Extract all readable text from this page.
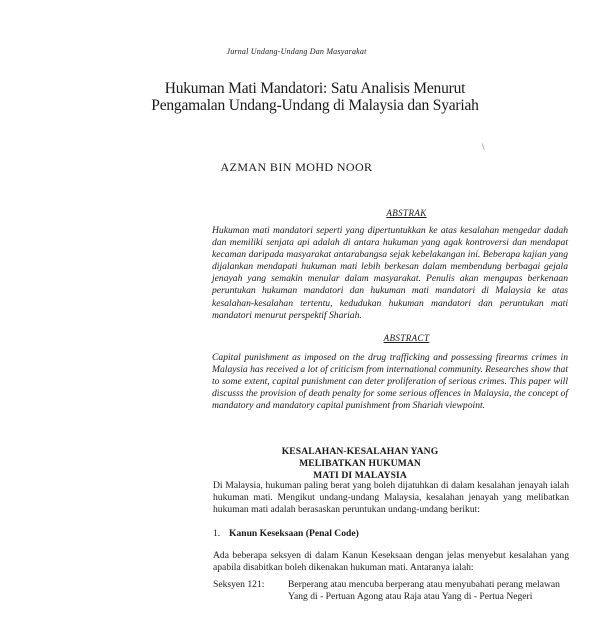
Jurnal Undang-Undang Dan Masyarakat
Hukuman Mati Mandatori: Satu Analisis Menurut
Pengamalan Undang-Undang di Malaysia dan Syariah
\
AZMAN BIN MOHD NOOR
ABSTRAK
Hukuman mati mandatori seperti yang dipertuntukkan ke atas kesalahan mengedar dadah dan memiliki senjata api adalah di antara hukuman yang agak kontroversi dan mendapat kecaman daripada masyarakat antarabangsa sejak kebelakangan ini. Beberapa kajian yang dijalankan mendapati hukuman mati lebih berkesan dalam membendung berbagai gejala jenayah yang semakin menular dalam masyarakat. Penulis akan mengupas berkenaan peruntukan hukuman mandatori dan hukuman mati mandatori di Malaysia ke atas kesalahan-kesalahan tertentu, kedudukan hukuman mandatori dan peruntukan mati mandatori menurut perspektif Shariah.
ABSTRACT
Capital punishment as imposed on the drug trafficking and possessing firearms crimes in Malaysia has received a lot of criticism from international community. Researches show that to some extent, capital punishment can deter proliferation of serious crimes. This paper will discusss the provision of death penalty for some serious offences in Malaysia, the concept of mandatory and mandatory capital punishment from Shariah viewpoint.
KESALAHAN-KESALAHAN YANG MELIBATKAN HUKUMAN
MATI DI MALAYSIA
Di Malaysia, hukuman paling berat yang boleh dijatuhkan di dalam kesalahan jenayah ialah hukuman mati. Mengikut undang-undang Malaysia, kesalahan jenayah yang melibatkan hukuman mati adalah berasaskan peruntukan undang-undang berikut:
1. Kanun Keseksaan (Penal Code)
Ada beberapa seksyen di dalam Kanun Keseksaan dengan jelas menyebut kesalahan yang apabila disabitkan boleh dikenakan hukuman mati. Antaranya ialah:
Seksyen 121: Berperang atau mencuba berperang atau menyubahati perang melawan Yang di - Pertuan Agong atau Raja atau Yang di - Pertua Negeri
